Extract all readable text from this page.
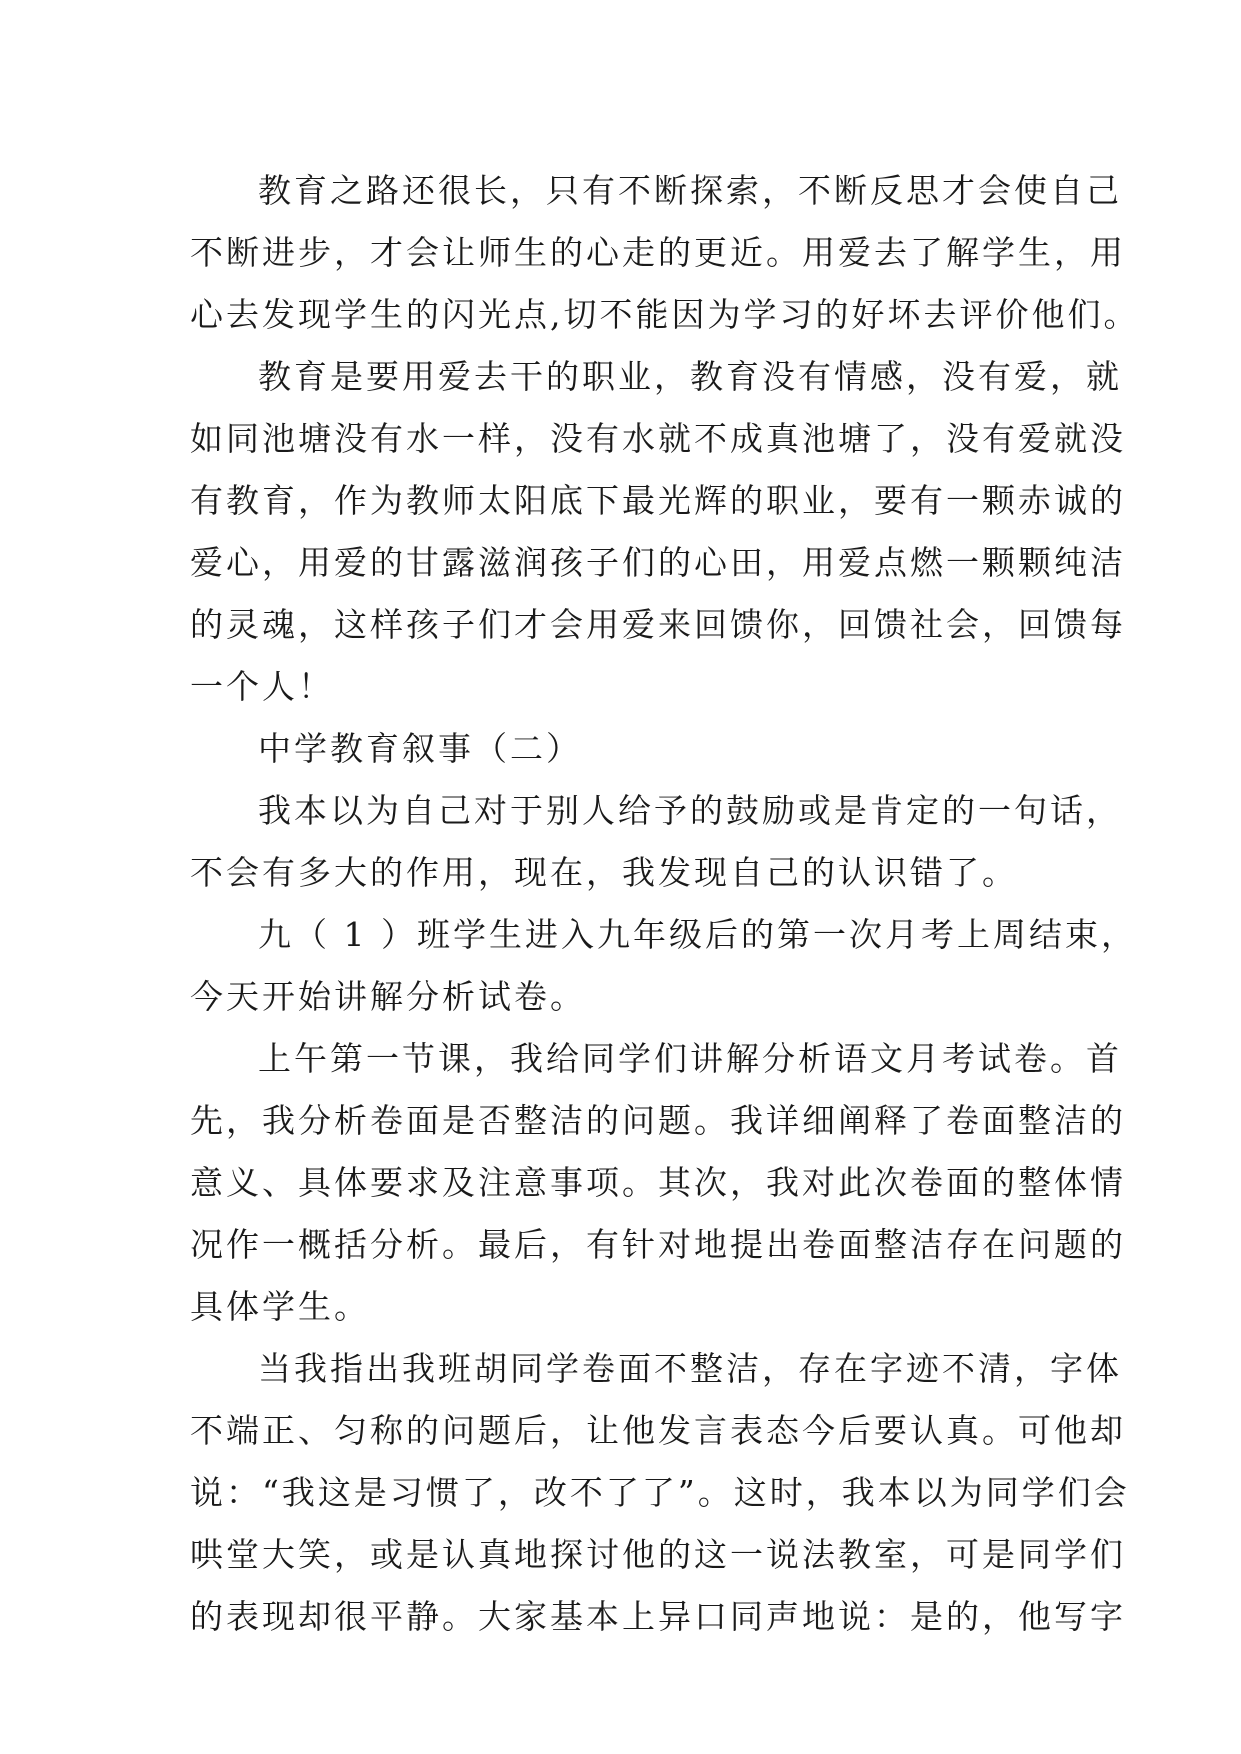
教育之路还很长，只有不断探索，不断反思才会使自己
不断进步，才会让师生的心走的更近。用爱去了解学生，用
心去发现学生的闪光点,切不能因为学习的好坏去评价他们。
教育是要用爱去干的职业，教育没有情感，没有爱，就
如同池塘没有水一样，没有水就不成真池塘了，没有爱就没
有教育，作为教师太阳底下最光辉的职业，要有一颗赤诚的
爱心，用爱的甘露滋润孩子们的心田，用爱点燃一颗颗纯洁
的灵魂，这样孩子们才会用爱来回馈你，回馈社会，回馈每
一个人！
中学教育叙事（二）
我本以为自己对于别人给予的鼓励或是肯定的一句话，
不会有多大的作用，现在，我发现自己的认识错了。
九（ 1 ）班学生进入九年级后的第一次月考上周结束，
今天开始讲解分析试卷。
上午第一节课，我给同学们讲解分析语文月考试卷。首
先，我分析卷面是否整洁的问题。我详细阐释了卷面整洁的
意义、具体要求及注意事项。其次，我对此次卷面的整体情
况作一概括分析。最后，有针对地提出卷面整洁存在问题的
具体学生。
当我指出我班胡同学卷面不整洁，存在字迹不清，字体
不端正、匀称的问题后，让他发言表态今后要认真。可他却
说：“我这是习惯了，改不了了”。这时，我本以为同学们会
哄堂大笑，或是认真地探讨他的这一说法教室，可是同学们
的表现却很平静。大家基本上异口同声地说：是的，他写字
